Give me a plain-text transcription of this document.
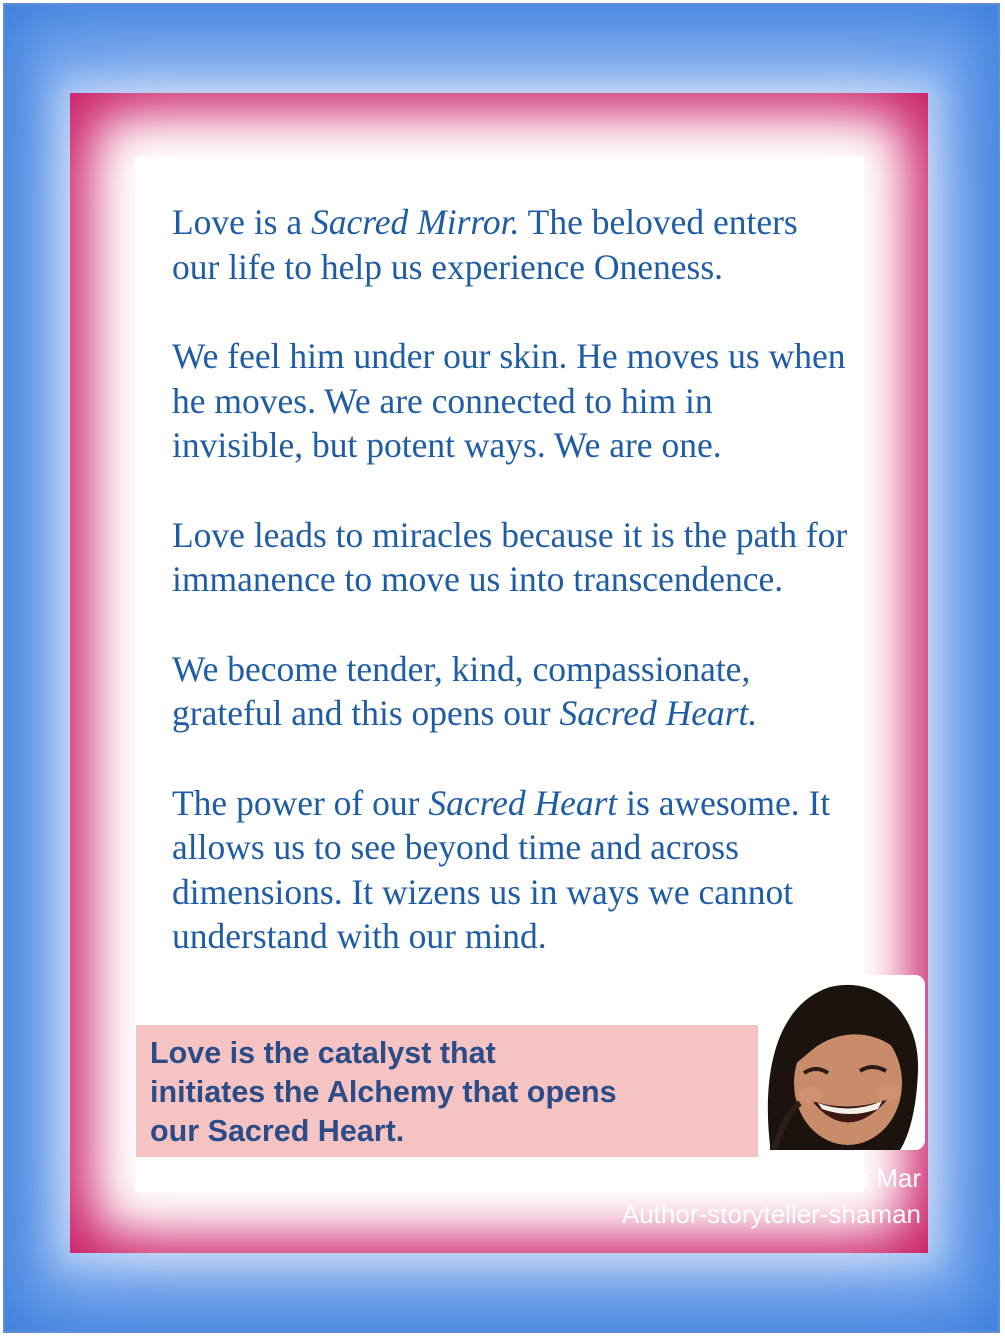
Love is a Sacred Mirror. The beloved enters our life to help us experience Oneness.

We feel him under our skin. He moves us when he moves. We are connected to him in invisible, but potent ways. We are one.

Love leads to miracles because it is the path for immanence to move us into transcendence.

We become tender, kind, compassionate, grateful and this opens our Sacred Heart.

The power of our Sacred Heart is awesome. It allows us to see beyond time and across dimensions. It wizens us in ways we cannot understand with our mind.

Love is the catalyst that
initiates the Alchemy that opens
our Sacred Heart.
Maria Mar
Author-storyteller-shaman
